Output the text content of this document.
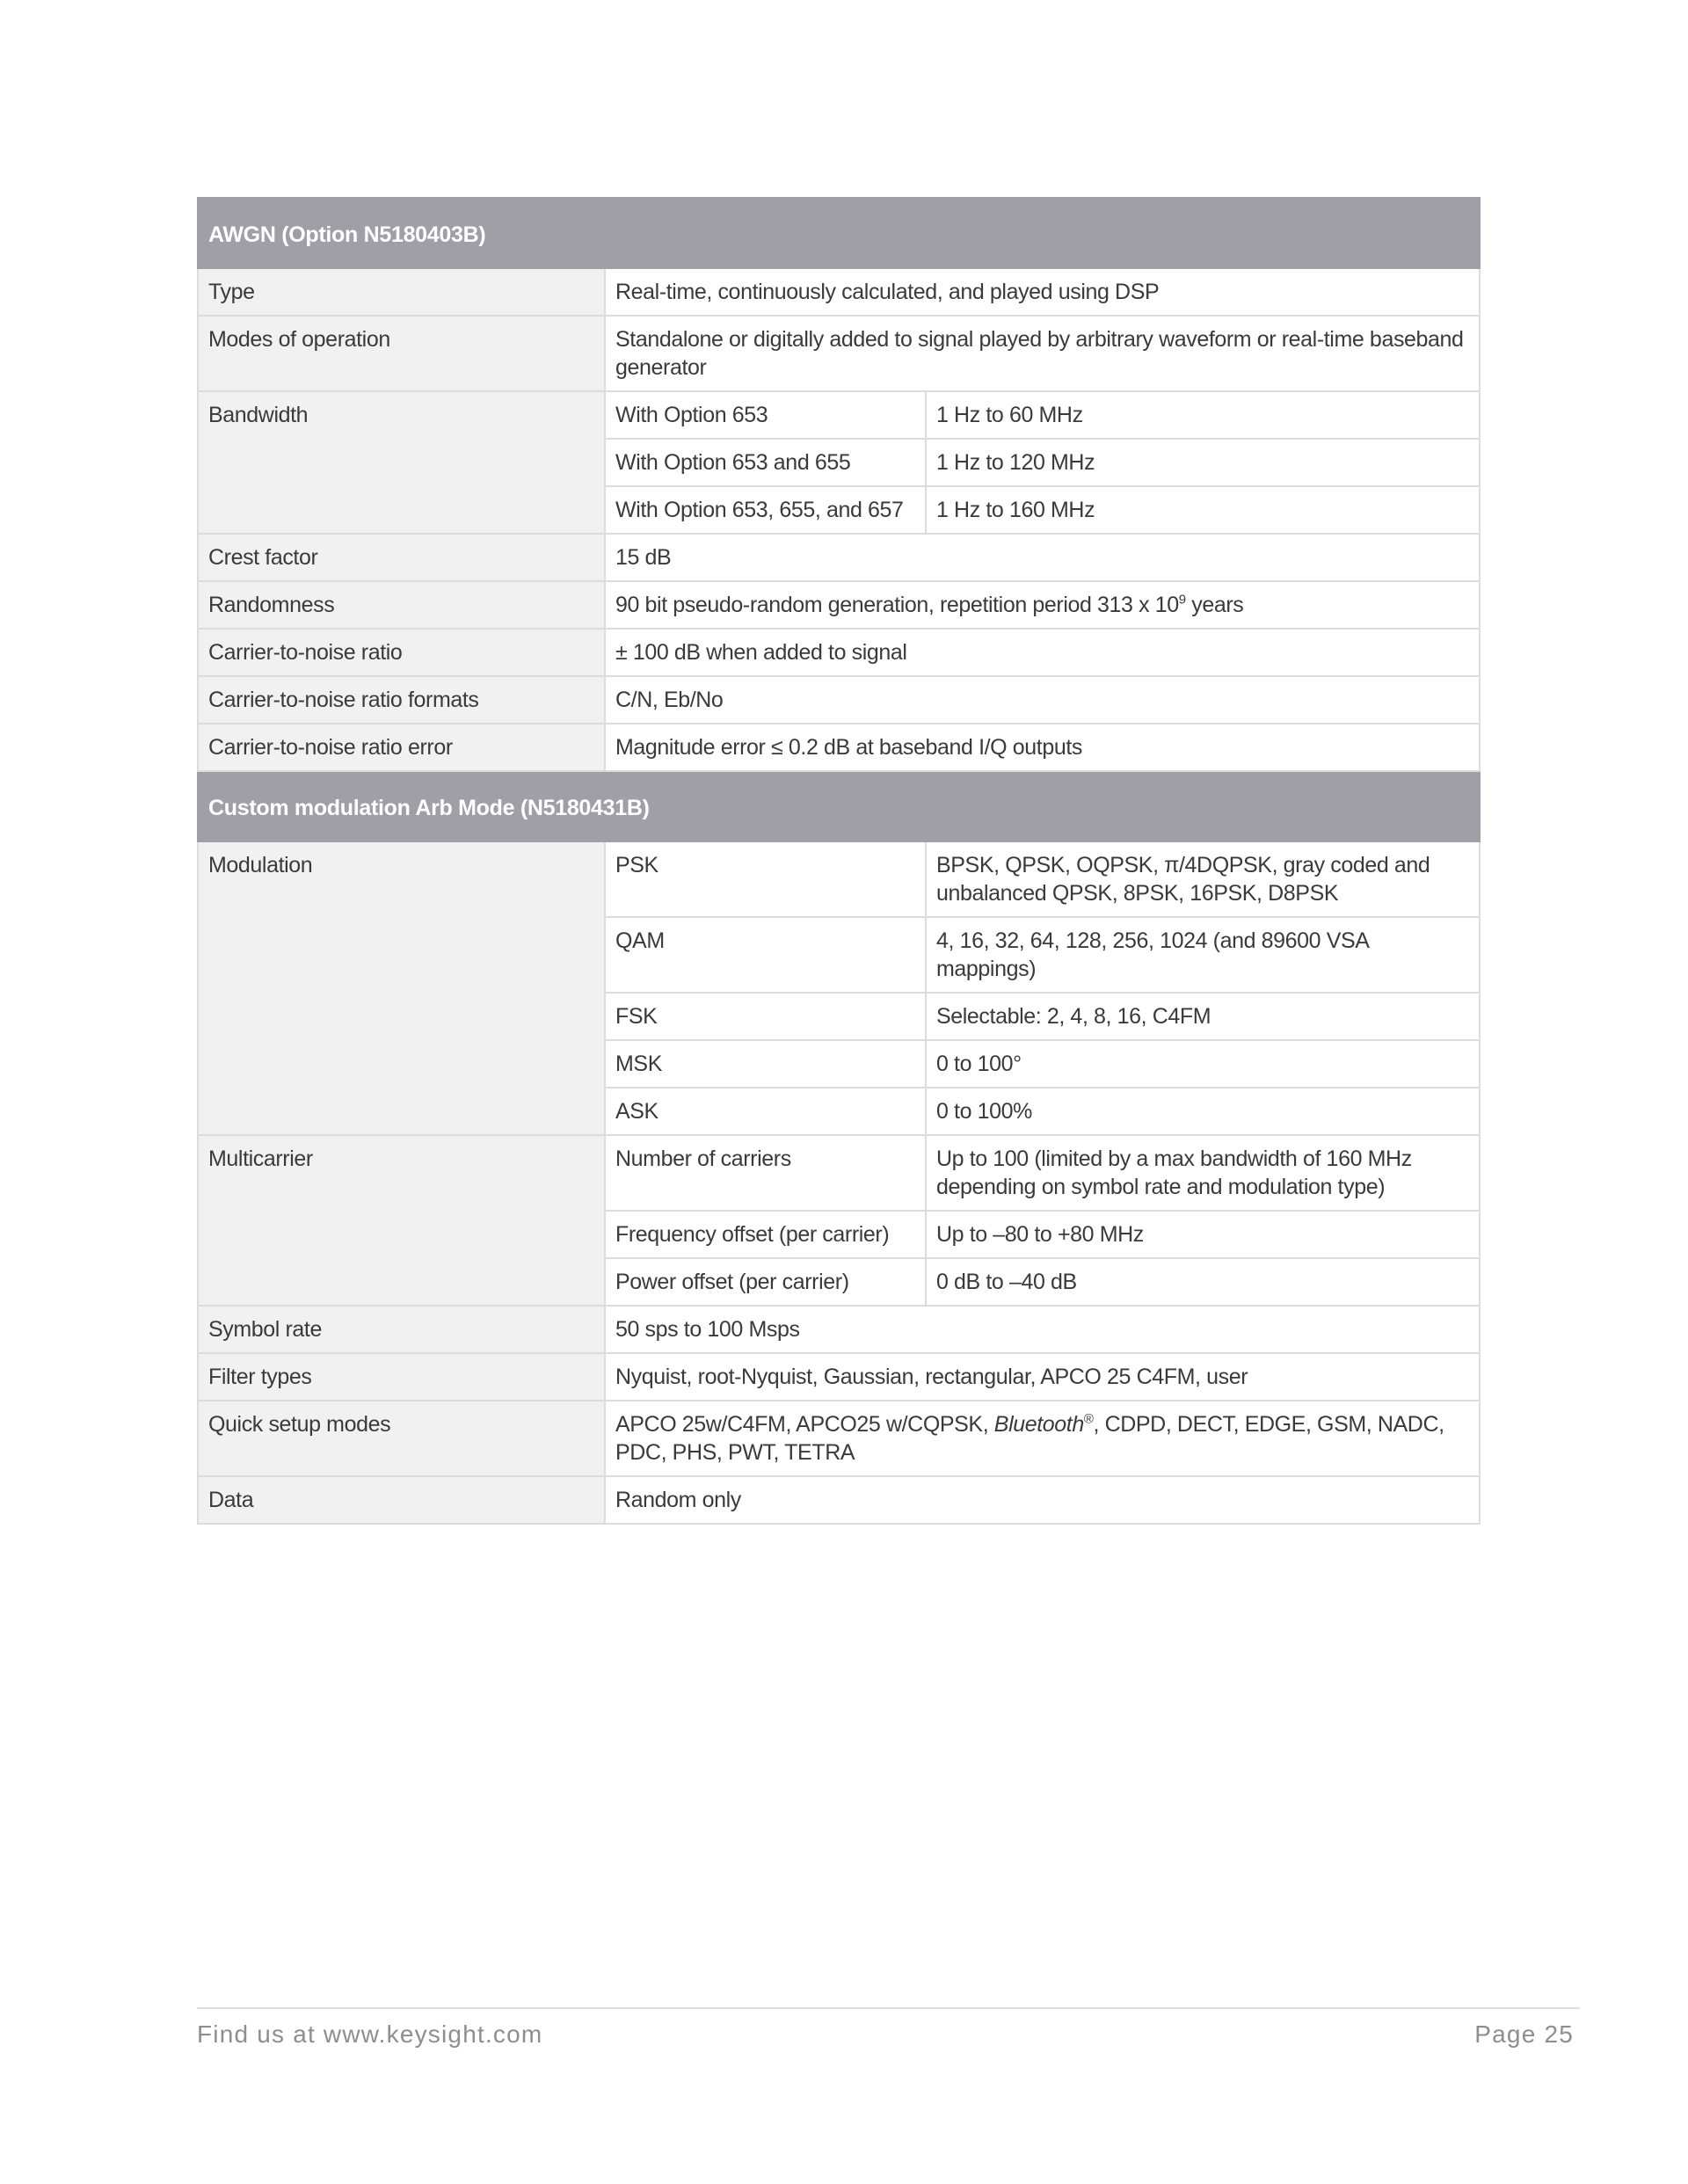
AWGN (Option N5180403B)		
Type	Real-time, continuously calculated, and played using DSP	
Modes of operation	Standalone or digitally added to signal played by arbitrary waveform or real-time baseband generator	
Bandwidth	With Option 653	1 Hz to 60 MHz
	With Option 653 and 655	1 Hz to 120 MHz
	With Option 653, 655, and 657	1 Hz to 160 MHz
Crest factor	15 dB	
Randomness	90 bit pseudo-random generation, repetition period 313 x $10^9$ years	
Carrier-to-noise ratio	± 100 dB when added to signal	
Carrier-to-noise ratio formats	C/N, Eb/No	
Carrier-to-noise ratio error	Magnitude error ≤ 0.2 dB at baseband I/Q outputs	
Custom modulation Arb Mode (N5180431B)		
Modulation	PSK	BPSK, QPSK, OQPSK, π/4DQPSK, gray coded and unbalanced QPSK, 8PSK, 16PSK, D8PSK
	QAM	4, 16, 32, 64, 128, 256, 1024 (and 89600 VSA mappings)
	FSK	Selectable: 2, 4, 8, 16, C4FM
	MSK	0 to 100°
	ASK	0 to 100%
Multicarrier	Number of carriers	Up to 100 (limited by a max bandwidth of 160 MHz depending on symbol rate and modulation type)
	Frequency offset (per carrier)	Up to –80 to +80 MHz
	Power offset (per carrier)	0 dB to –40 dB
Symbol rate	50 sps to 100 Msps	
Filter types	Nyquist, root-Nyquist, Gaussian, rectangular, APCO 25 C4FM, user	
Quick setup modes	APCO 25w/C4FM, APCO25 w/CQPSK, Bluetooth®, CDPD, DECT, EDGE, GSM, NADC, PDC, PHS, PWT, TETRA	
Data	Random only	
Find us at www.keysight.com	Page 25
